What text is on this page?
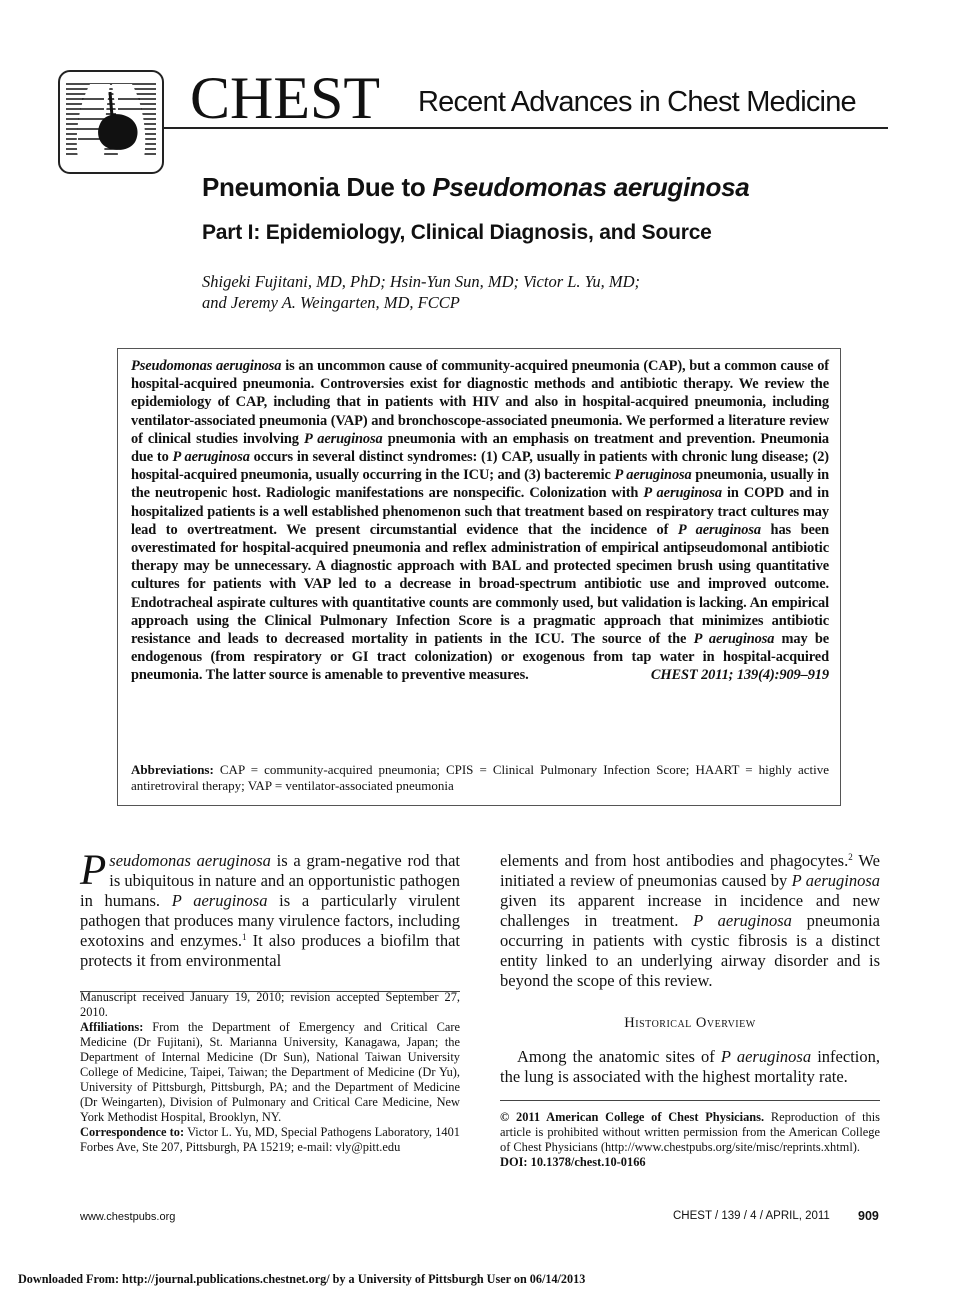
CHEST Recent Advances in Chest Medicine
Pneumonia Due to Pseudomonas aeruginosa
Part I: Epidemiology, Clinical Diagnosis, and Source
Shigeki Fujitani, MD, PhD; Hsin-Yun Sun, MD; Victor L. Yu, MD;
and Jeremy A. Weingarten, MD, FCCP
Pseudomonas aeruginosa is an uncommon cause of community-acquired pneumonia (CAP), but a common cause of hospital-acquired pneumonia. Controversies exist for diagnostic methods and antibiotic therapy. We review the epidemiology of CAP, including that in patients with HIV and also in hospital-acquired pneumonia, including ventilator-associated pneumonia (VAP) and bronchoscope-associated pneumonia. We performed a literature review of clinical studies involving P aeruginosa pneumonia with an emphasis on treatment and prevention. Pneumonia due to P aeruginosa occurs in several distinct syndromes: (1) CAP, usually in patients with chronic lung disease; (2) hospital-acquired pneumonia, usually occurring in the ICU; and (3) bacteremic P aeruginosa pneumonia, usually in the neutropenic host. Radiologic manifestations are nonspecific. Colonization with P aeruginosa in COPD and in hospitalized patients is a well established phenomenon such that treatment based on respiratory tract cultures may lead to overtreatment. We present circumstantial evidence that the incidence of P aeruginosa has been overestimated for hospital-acquired pneumonia and reflex administration of empirical antipseudomonal antibiotic therapy may be unnecessary. A diagnostic approach with BAL and protected specimen brush using quantitative cultures for patients with VAP led to a decrease in broad-spectrum antibiotic use and improved outcome. Endotracheal aspirate cultures with quantitative counts are commonly used, but validation is lacking. An empirical approach using the Clinical Pulmonary Infection Score is a pragmatic approach that minimizes antibiotic resistance and leads to decreased mortality in patients in the ICU. The source of the P aeruginosa may be endogenous (from respiratory or GI tract colonization) or exogenous from tap water in hospital-acquired pneumonia. The latter source is amenable to preventive measures.	CHEST 2011; 139(4):909–919
Abbreviations: CAP = community-acquired pneumonia; CPIS = Clinical Pulmonary Infection Score; HAART = highly active antiretroviral therapy; VAP = ventilator-associated pneumonia
Pseudomonas aeruginosa is a gram-negative rod that is ubiquitous in nature and an opportunistic pathogen in humans. P aeruginosa is a particularly virulent pathogen that produces many virulence factors, including exotoxins and enzymes.$^1$ It also produces a biofilm that protects it from environmental
elements and from host antibodies and phagocytes.$^2$ We initiated a review of pneumonias caused by P aeruginosa given its apparent increase in incidence and new challenges in treatment. P aeruginosa pneumonia occurring in patients with cystic fibrosis is a distinct entity linked to an underlying airway disorder and is beyond the scope of this review.
Historical Overview
Among the anatomic sites of P aeruginosa infection, the lung is associated with the highest mortality rate.

Manuscript received January 19, 2010; revision accepted September 27, 2010.

Affiliations: From the Department of Emergency and Critical Care Medicine (Dr Fujitani), St. Marianna University, Kanagawa, Japan; the Department of Internal Medicine (Dr Sun), National Taiwan University College of Medicine, Taipei, Taiwan; the Department of Medicine (Dr Yu), University of Pittsburgh, Pittsburgh, PA; and the Department of Medicine (Dr Weingarten), Division of Pulmonary and Critical Care Medicine, New York Methodist Hospital, Brooklyn, NY.

Correspondence to: Victor L. Yu, MD, Special Pathogens Laboratory, 1401 Forbes Ave, Ste 207, Pittsburgh, PA 15219; e-mail: vly@pitt.edu

© 2011 American College of Chest Physicians. Reproduction of this article is prohibited without written permission from the American College of Chest Physicians (http://www.chestpubs.org/site/misc/reprints.xhtml).

DOI: 10.1378/chest.10-0166

www.chestpubs.org	CHEST / 139 / 4 / APRIL, 2011 909
Downloaded From: http://journal.publications.chestnet.org/ by a University of Pittsburgh User on 06/14/2013
